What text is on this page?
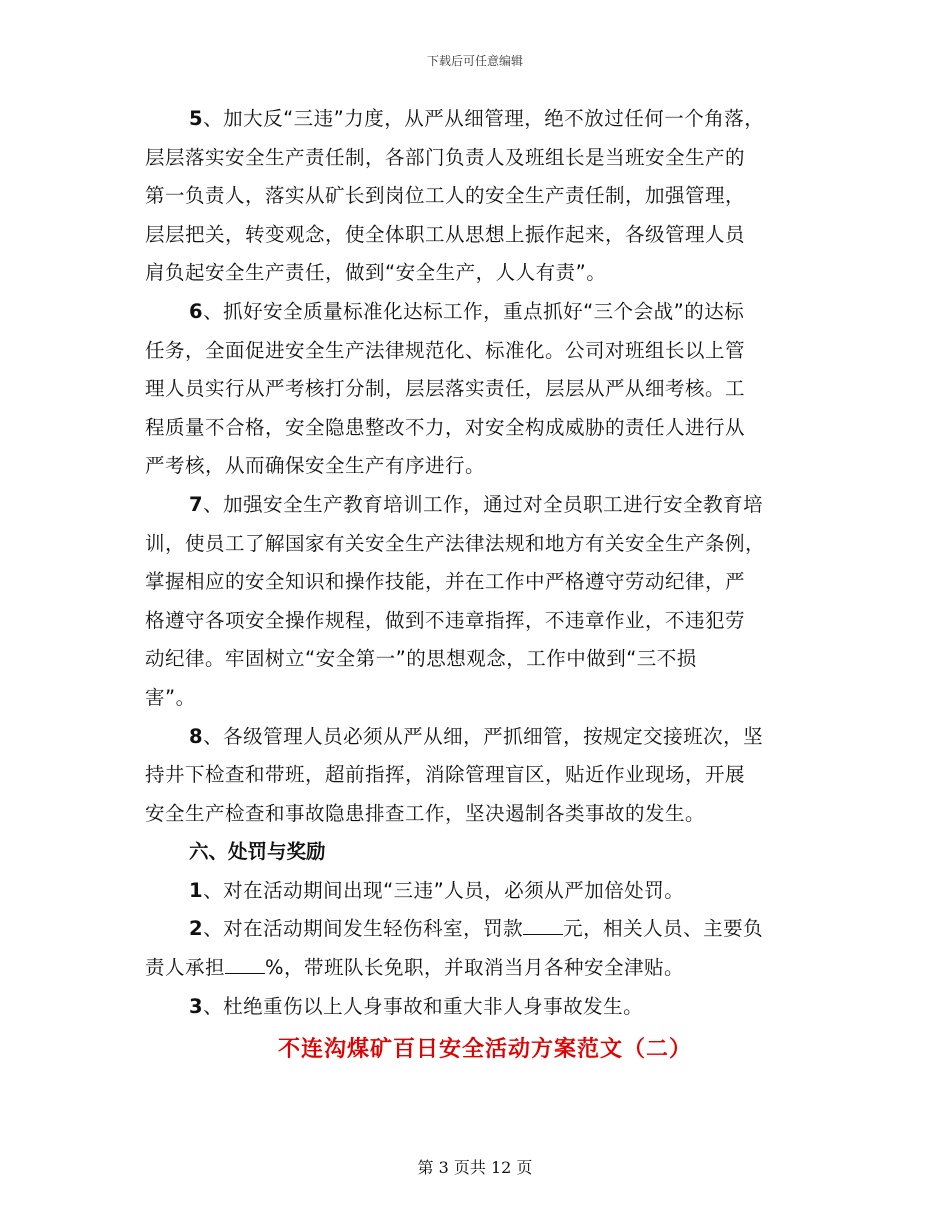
下载后可任意编辑

5、加大反“三违”力度，从严从细管理，绝不放过任何一个角落，

层层落实安全生产责任制，各部门负责人及班组长是当班安全生产的

第一负责人，落实从矿长到岗位工人的安全生产责任制，加强管理，

层层把关，转变观念，使全体职工从思想上振作起来，各级管理人员

肩负起安全生产责任，做到“安全生产，人人有责”。

6、抓好安全质量标准化达标工作，重点抓好“三个会战”的达标

任务，全面促进安全生产法律规范化、标准化。公司对班组长以上管

理人员实行从严考核打分制，层层落实责任，层层从严从细考核。工

程质量不合格，安全隐患整改不力，对安全构成威胁的责任人进行从

严考核，从而确保安全生产有序进行。

7、加强安全生产教育培训工作，通过对全员职工进行安全教育培

训，使员工了解国家有关安全生产法律法规和地方有关安全生产条例，

掌握相应的安全知识和操作技能，并在工作中严格遵守劳动纪律，严

格遵守各项安全操作规程，做到不违章指挥，不违章作业，不违犯劳

动纪律。牢固树立“安全第一”的思想观念，工作中做到“三不损

害”。

8、各级管理人员必须从严从细，严抓细管，按规定交接班次，坚

持井下检查和带班，超前指挥，消除管理盲区，贴近作业现场，开展

安全生产检查和事故隐患排查工作，坚决遏制各类事故的发生。

六、处罚与奖励

1、对在活动期间出现“三违”人员，必须从严加倍处罚。

2、对在活动期间发生轻伤科室，罚款 元，相关人员、主要负

责人承担 %，带班队长免职，并取消当月各种安全津贴。

3、杜绝重伤以上人身事故和重大非人身事故发生。

不连沟煤矿百日安全活动方案范文（二）

第 3 页共 12 页
